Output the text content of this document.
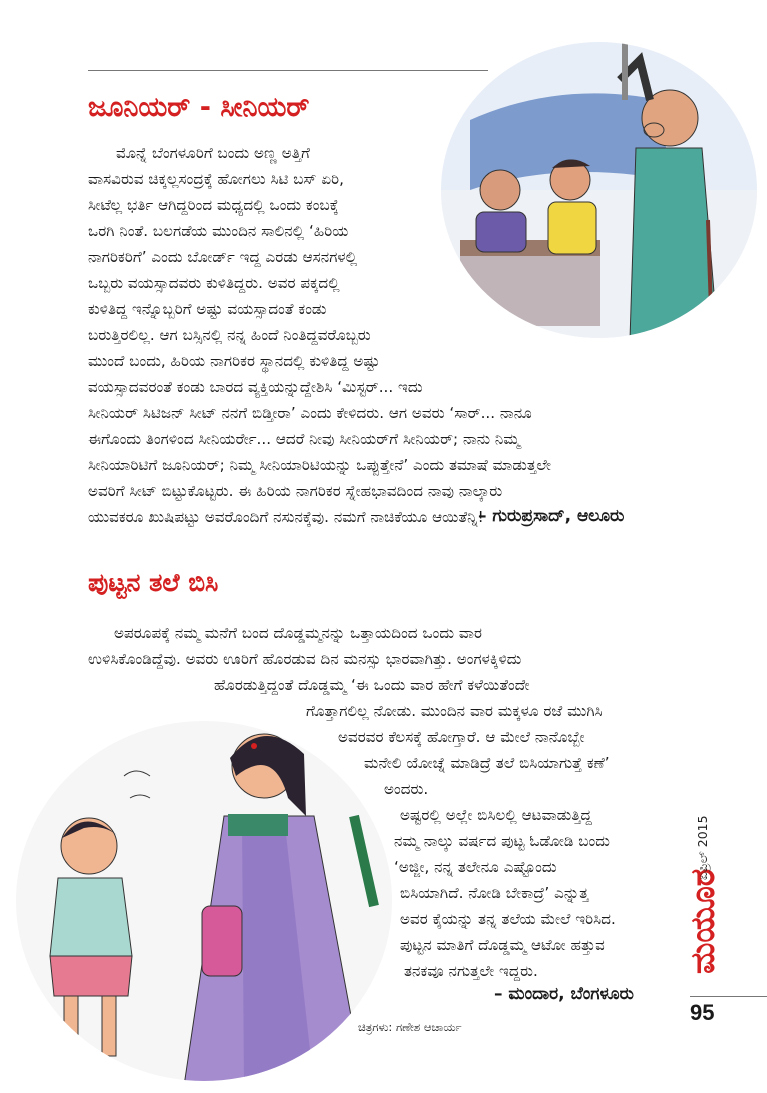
ಜೂನಿಯರ್ - ಸೀನಿಯರ್
ಮೊನ್ನೆ ಬೆಂಗಳೂರಿಗೆ ಬಂದು ಅಣ್ಣ ಅತ್ತಿಗೆ
ವಾಸವಿರುವ ಚಿಕ್ಕಲ್ಲಸಂದ್ರಕ್ಕೆ ಹೋಗಲು ಸಿಟಿ ಬಸ್ ಏರಿ,
ಸೀಟೆಲ್ಲ ಭರ್ತಿ ಆಗಿದ್ದರಿಂದ ಮಧ್ಯದಲ್ಲಿ ಒಂದು ಕಂಬಕ್ಕೆ
ಒರಗಿ ನಿಂತೆ. ಬಲಗಡೆಯ ಮುಂದಿನ ಸಾಲಿನಲ್ಲಿ ‘ಹಿರಿಯ
ನಾಗರಿಕರಿಗೆ’ ಎಂದು ಬೋರ್ಡ್ ಇದ್ದ ಎರಡು ಆಸನಗಳಲ್ಲಿ
ಒಬ್ಬರು ವಯಸ್ಸಾದವರು ಕುಳಿತಿದ್ದರು. ಅವರ ಪಕ್ಕದಲ್ಲಿ
ಕುಳಿತಿದ್ದ ಇನ್ನೊಬ್ಬರಿಗೆ ಅಷ್ಟು ವಯಸ್ಸಾದಂತೆ ಕಂಡು
ಬರುತ್ತಿರಲಿಲ್ಲ. ಆಗ ಬಸ್ಸಿನಲ್ಲಿ ನನ್ನ ಹಿಂದೆ ನಿಂತಿದ್ದವರೊಬ್ಬರು
ಮುಂದೆ ಬಂದು, ಹಿರಿಯ ನಾಗರಿಕರ ಸ್ಥಾನದಲ್ಲಿ ಕುಳಿತಿದ್ದ ಅಷ್ಟು
ವಯಸ್ಸಾದವರಂತೆ ಕಂಡು ಬಾರದ ವ್ಯಕ್ತಿಯನ್ನುದ್ದೇಶಿಸಿ ‘ಮಿಸ್ಟರ್... ಇದು
ಸೀನಿಯರ್ ಸಿಟಿಜನ್ ಸೀಟ್ ನನಗೆ ಬಿಡ್ತೀರಾ’ ಎಂದು ಕೇಳಿದರು. ಆಗ ಅವರು ‘ಸಾರ್... ನಾನೂ
ಈಗೊಂದು ತಿಂಗಳಿಂದ ಸೀನಿಯರ್ರೇ... ಆದರೆ ನೀವು ಸೀನಿಯರ್‌ಗೆ ಸೀನಿಯರ್; ನಾನು ನಿಮ್ಮ
ಸೀನಿಯಾರಿಟಿಗೆ ಜೂನಿಯರ್; ನಿಮ್ಮ ಸೀನಿಯಾರಿಟಿಯನ್ನು ಒಪ್ಪುತ್ತೇನೆ’ ಎಂದು ತಮಾಷೆ ಮಾಡುತ್ತಲೇ
ಅವರಿಗೆ ಸೀಟ್ ಬಿಟ್ಟುಕೊಟ್ಟರು. ಈ ಹಿರಿಯ ನಾಗರಿಕರ ಸ್ನೇಹಭಾವದಿಂದ ನಾವು ನಾಲ್ಕಾರು
ಯುವಕರೂ ಖುಷಿಪಟ್ಟು ಅವರೊಂದಿಗೆ ನಸುನಕ್ಕೆವು. ನಮಗೆ ನಾಚಿಕೆಯೂ ಆಯಿತೆನ್ನಿ!
– ಗುರುಪ್ರಸಾದ್, ಆಲೂರು
ಪುಟ್ಟನ ತಲೆ ಬಿಸಿ
ಅಪರೂಪಕ್ಕೆ ನಮ್ಮ ಮನೆಗೆ ಬಂದ ದೊಡ್ಡಮ್ಮನನ್ನು ಒತ್ತಾಯದಿಂದ ಒಂದು ವಾರ
ಉಳಿಸಿಕೊಂಡಿದ್ದೆವು. ಅವರು ಊರಿಗೆ ಹೊರಡುವ ದಿನ ಮನಸ್ಸು ಭಾರವಾಗಿತ್ತು. ಅಂಗಳಕ್ಕಿಳಿದು
ಹೊರಡುತ್ತಿದ್ದಂತೆ ದೊಡ್ಡಮ್ಮ ‘ಈ ಒಂದು ವಾರ ಹೇಗೆ ಕಳೆಯಿತೆಂದೇ
ಗೊತ್ತಾಗಲಿಲ್ಲ ನೋಡು. ಮುಂದಿನ ವಾರ ಮಕ್ಕಳೂ ರಜೆ ಮುಗಿಸಿ
ಅವರವರ ಕೆಲಸಕ್ಕೆ ಹೋಗ್ತಾರೆ. ಆ ಮೇಲೆ ನಾನೊಬ್ಬೇ
ಮನೇಲಿ ಯೋಚ್ನೆ ಮಾಡಿದ್ರೆ ತಲೆ ಬಿಸಿಯಾಗುತ್ತೆ ಕಣೆ’
ಅಂದರು.
ಅಷ್ಟರಲ್ಲಿ ಅಲ್ಲೇ ಬಿಸಿಲಲ್ಲಿ ಆಟವಾಡುತ್ತಿದ್ದ
ನಮ್ಮ ನಾಲ್ಕು ವರ್ಷದ ಪುಟ್ಟ ಓಡೋಡಿ ಬಂದು
‘ಅಜ್ಜೀ, ನನ್ನ ತಲೇನೂ ಎಷ್ಟೊಂದು
ಬಿಸಿಯಾಗಿದೆ. ನೋಡಿ ಬೇಕಾದ್ರೆ’ ಎನ್ನುತ್ತ
ಅವರ ಕೈಯನ್ನು ತನ್ನ ತಲೆಯ ಮೇಲೆ ಇರಿಸಿದ.
ಪುಟ್ಟನ ಮಾತಿಗೆ ದೊಡ್ಡಮ್ಮ ಆಟೋ ಹತ್ತುವ
ತನಕವೂ ನಗುತ್ತಲೇ ಇದ್ದರು.
– ಮಂದಾರ, ಬೆಂಗಳೂರು
95
ಚಿತ್ರಗಳು: ಗಣೇಶ ಆಚಾರ್ಯ
ಮಯೂರ
ಏಪ್ರಿಲ್ 2015
